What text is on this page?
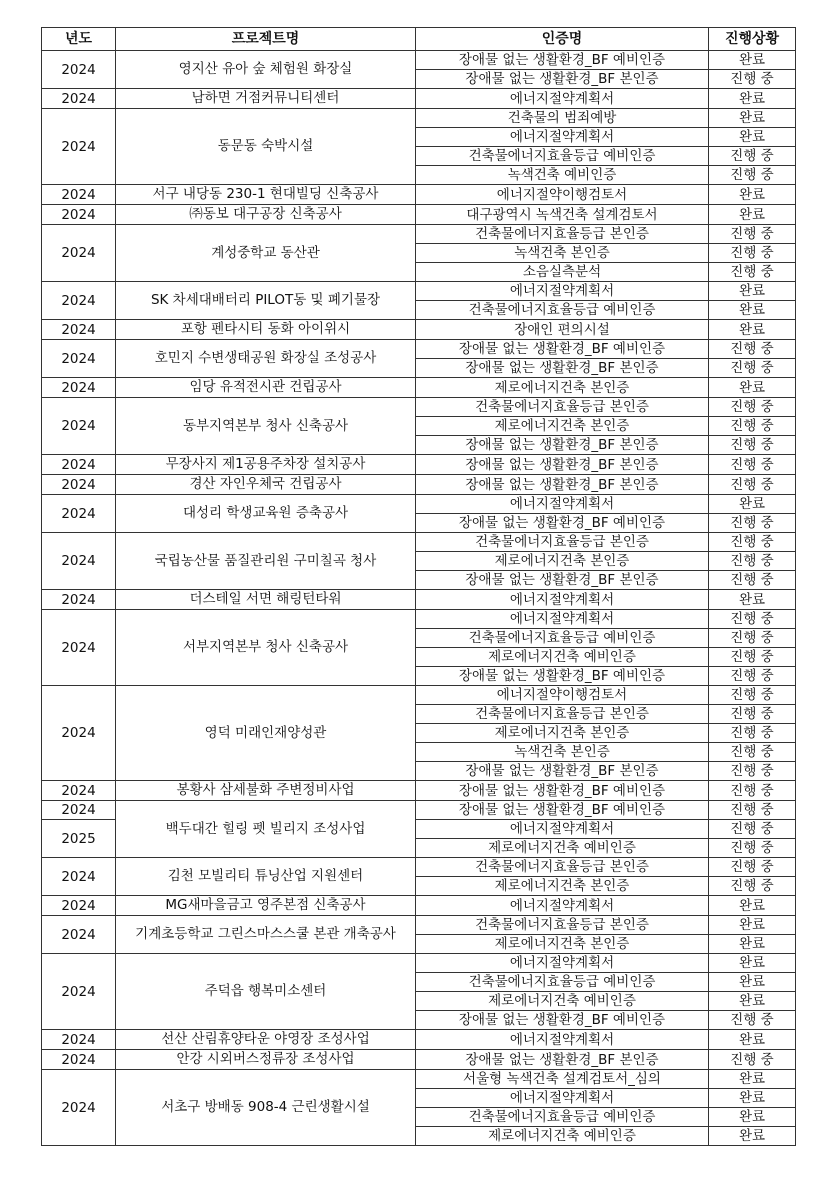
년도	프로젝트명	인증명	진행상황
2024	영지산 유아 숲 체험원 화장실	장애물 없는 생활환경_BF 예비인증	완료
		장애물 없는 생활환경_BF 본인증	진행 중
2024	남하면 거점커뮤니티센터	에너지절약계획서	완료
2024	동문동 숙박시설	건축물의 범죄예방	완료
		에너지절약계획서	완료
		건축물에너지효율등급 예비인증	진행 중
		녹색건축 예비인증	진행 중
2024	서구 내당동 230-1 현대빌딩 신축공사	에너지절약이행검토서	완료
2024	㈜동보 대구공장 신축공사	대구광역시 녹색건축 설계검토서	완료
2024	계성중학교 동산관	건축물에너지효율등급 본인증	진행 중
		녹색건축 본인증	진행 중
		소음실측분석	진행 중
2024	SK 차세대배터리 PILOT동 및 폐기물장	에너지절약계획서	완료
		건축물에너지효율등급 예비인증	완료
2024	포항 펜타시티 동화 아이위시	장애인 편의시설	완료
2024	호민지 수변생태공원 화장실 조성공사	장애물 없는 생활환경_BF 예비인증	진행 중
		장애물 없는 생활환경_BF 본인증	진행 중
2024	임당 유적전시관 건립공사	제로에너지건축 본인증	완료
2024	동부지역본부 청사 신축공사	건축물에너지효율등급 본인증	진행 중
		제로에너지건축 본인증	진행 중
		장애물 없는 생활환경_BF 본인증	진행 중
2024	무장사지 제1공용주차장 설치공사	장애물 없는 생활환경_BF 본인증	진행 중
2024	경산 자인우체국 건립공사	장애물 없는 생활환경_BF 본인증	진행 중
2024	대성리 학생교육원 증축공사	에너지절약계획서	완료
		장애물 없는 생활환경_BF 예비인증	진행 중
2024	국립농산물 품질관리원 구미칠곡 청사	건축물에너지효율등급 본인증	진행 중
		제로에너지건축 본인증	진행 중
		장애물 없는 생활환경_BF 본인증	진행 중
2024	더스테일 서면 해링턴타워	에너지절약계획서	완료
2024	서부지역본부 청사 신축공사	에너지절약계획서	진행 중
		건축물에너지효율등급 예비인증	진행 중
		제로에너지건축 예비인증	진행 중
		장애물 없는 생활환경_BF 예비인증	진행 중
2024	영덕 미래인재양성관	에너지절약이행검토서	진행 중
		건축물에너지효율등급 본인증	진행 중
		제로에너지건축 본인증	진행 중
		녹색건축 본인증	진행 중
		장애물 없는 생활환경_BF 본인증	진행 중
2024	봉황사 삼세불화 주변정비사업	장애물 없는 생활환경_BF 예비인증	진행 중
2024	백두대간 힐링 펫 빌리지 조성사업	장애물 없는 생활환경_BF 예비인증	진행 중
2025		에너지절약계획서	진행 중
		제로에너지건축 예비인증	진행 중
2024	김천 모빌리티 튜닝산업 지원센터	건축물에너지효율등급 본인증	진행 중
		제로에너지건축 본인증	진행 중
2024	MG새마을금고 영주본점 신축공사	에너지절약계획서	완료
2024	기계초등학교 그린스마스스쿨 본관 개축공사	건축물에너지효율등급 본인증	완료
		제로에너지건축 본인증	완료
2024	주덕읍 행복미소센터	에너지절약계획서	완료
		건축물에너지효율등급 예비인증	완료
		제로에너지건축 예비인증	완료
		장애물 없는 생활환경_BF 예비인증	진행 중
2024	선산 산림휴양타운 야영장 조성사업	에너지절약계획서	완료
2024	안강 시외버스정류장 조성사업	장애물 없는 생활환경_BF 본인증	진행 중
2024	서초구 방배동 908-4 근린생활시설	서울형 녹색건축 설계검토서_심의	완료
		에너지절약계획서	완료
		건축물에너지효율등급 예비인증	완료
		제로에너지건축 예비인증	완료
